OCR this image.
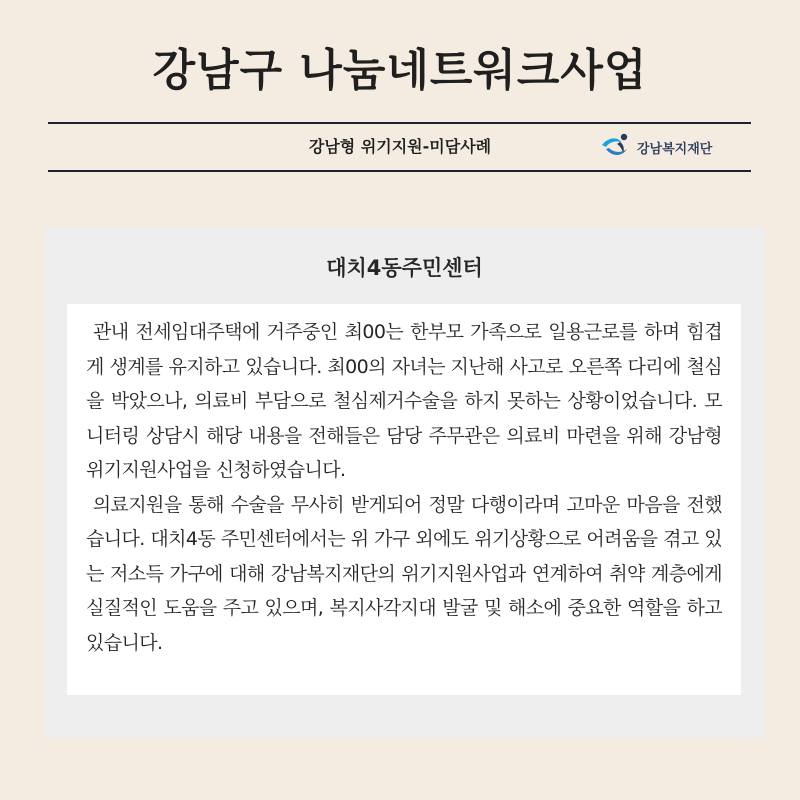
강남구 나눔네트워크사업
강남형 위기지원-미담사례	강남복지재단
대치4동주민센터

관내 전세임대주택에 거주중인 최00는 한부모 가족으로 일용근로를 하며 힘겹게 생계를 유지하고 있습니다. 최00의 자녀는 지난해 사고로 오른쪽 다리에 철심을 박았으나, 의료비 부담으로 철심제거수술을 하지 못하는 상황이었습니다. 모니터링 상담시 해당 내용을 전해들은 담당 주무관은 의료비 마련을 위해 강남형 위기지원사업을 신청하였습니다.

의료지원을 통해 수술을 무사히 받게되어 정말 다행이라며 고마운 마음을 전했습니다. 대치4동 주민센터에서는 위 가구 외에도 위기상황으로 어려움을 겪고 있는 저소득 가구에 대해 강남복지재단의 위기지원사업과 연계하여 취약 계층에게 실질적인 도움을 주고 있으며, 복지사각지대 발굴 및 해소에 중요한 역할을 하고 있습니다.
